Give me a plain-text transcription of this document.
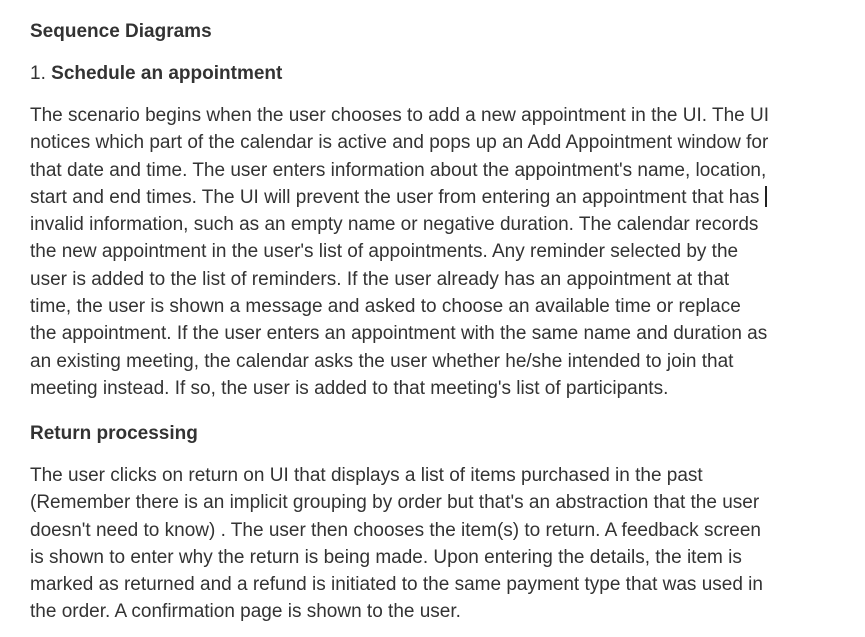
Sequence Diagrams
1. Schedule an appointment
The scenario begins when the user chooses to add a new appointment in the UI. The UI
notices which part of the calendar is active and pops up an Add Appointment window for
that date and time. The user enters information about the appointment's name, location,
start and end times. The UI will prevent the user from entering an appointment that has
invalid information, such as an empty name or negative duration. The calendar records
the new appointment in the user's list of appointments. Any reminder selected by the
user is added to the list of reminders. If the user already has an appointment at that
time, the user is shown a message and asked to choose an available time or replace
the appointment. If the user enters an appointment with the same name and duration as
an existing meeting, the calendar asks the user whether he/she intended to join that
meeting instead. If so, the user is added to that meeting's list of participants.
Return processing
The user clicks on return on UI that displays a list of items purchased in the past
(Remember there is an implicit grouping by order but that's an abstraction that the user
doesn't need to know) . The user then chooses the item(s) to return. A feedback screen
is shown to enter why the return is being made. Upon entering the details, the item is
marked as returned and a refund is initiated to the same payment type that was used in
the order. A confirmation page is shown to the user.
